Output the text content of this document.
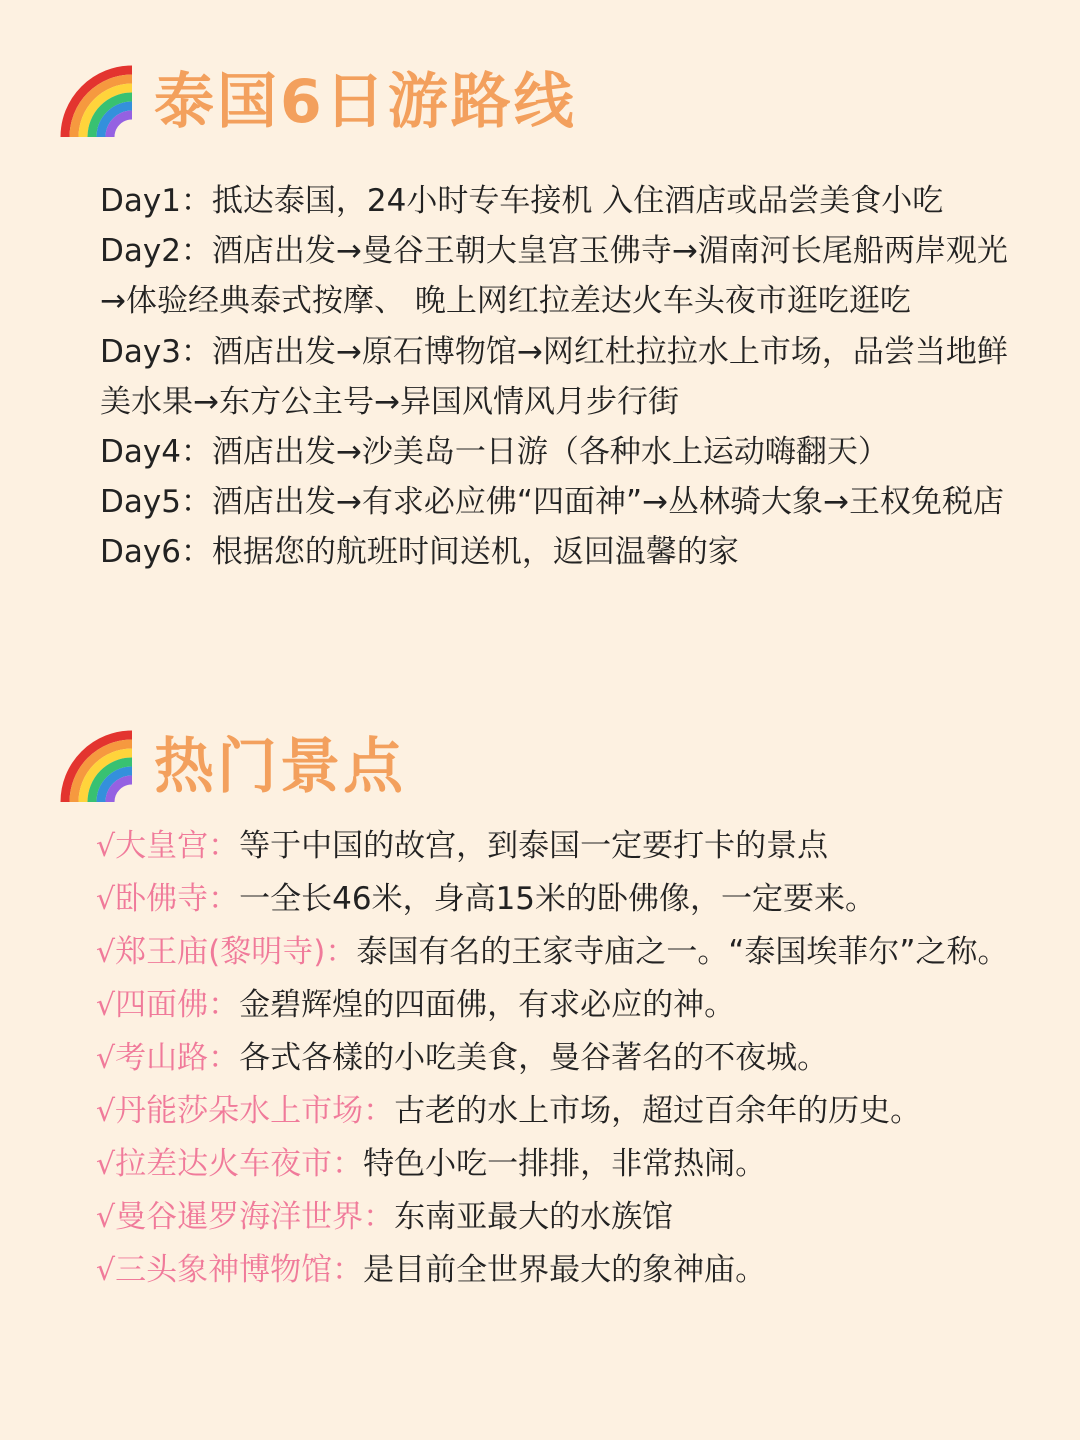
泰国6日游路线
Day1：抵达泰国，24小时专车接机 入住酒店或品尝美食小吃
Day2：酒店出发→曼谷王朝大皇宫玉佛寺→湄南河长尾船两岸观光→体验经典泰式按摩、 晚上网红拉差达火车头夜市逛吃逛吃
Day3：酒店出发→原石博物馆→网红杜拉拉水上市场，品尝当地鲜美水果→东方公主号→异国风情风月步行街
Day4：酒店出发→沙美岛一日游（各种水上运动嗨翻天）
Day5：酒店出发→有求必应佛“四面神”→丛林骑大象→王权免税店
Day6：根据您的航班时间送机，返回温馨的家
热门景点
√大皇宫：等于中国的故宫，到泰国一定要打卡的景点
√卧佛寺：一全长46米，身高15米的卧佛像，一定要来。
√郑王庙(黎明寺)：泰国有名的王家寺庙之一。“泰国埃菲尔”之称。
√四面佛：金碧辉煌的四面佛，有求必应的神。
√考山路：各式各樣的小吃美食，曼谷著名的不夜城。
√丹能莎朵水上市场：古老的水上市场，超过百余年的历史。
√拉差达火车夜市：特色小吃一排排，非常热闹。
√曼谷暹罗海洋世界：东南亚最大的水族馆
√三头象神博物馆：是目前全世界最大的象神庙。
